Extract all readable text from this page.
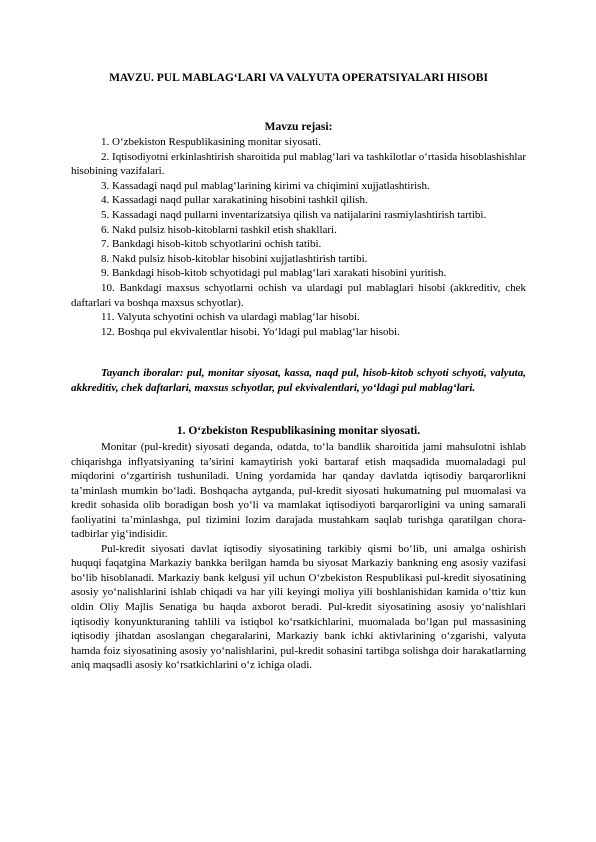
MAVZU. PUL MABLAG‘LARI VA VALYUTA OPERATSIYALARI HISOBI
Mavzu rejasi:

1. O‘zbekiston Respublikasining monitar siyosati.

2. Iqtisodiyotni erkinlashtirish sharoitida pul mablag‘lari va tashkilotlar o‘rtasida hisoblashishlar hisobining vazifalari.

3. Kassadagi naqd pul mablag‘larining kirimi va chiqimini xujjatlashtirish.

4. Kassadagi naqd pullar xarakatining hisobini tashkil qilish.

5. Kassadagi naqd pullarni inventarizatsiya qilish va natijalarini rasmiylashtirish tartibi.

6. Nakd pulsiz hisob-kitoblarni tashkil etish shakllari.

7. Bankdagi hisob-kitob schyotlarini ochish tatibi.

8. Nakd pulsiz hisob-kitoblar hisobini xujjatlashtirish tartibi.

9. Bankdagi hisob-kitob schyotidagi pul mablag‘lari xarakati hisobini yuritish.

10. Bankdagi maxsus schyotlarni ochish va ulardagi pul mablaglari hisobi (akkreditiv, chek daftarlari va boshqa maxsus schyotlar).

11. Valyuta schyotini ochish va ulardagi mablag‘lar hisobi.

12. Boshqa pul ekvivalentlar hisobi. Yo‘ldagi pul mablag‘lar hisobi.

Tayanch iboralar: pul, monitar siyosat, kassa, naqd pul, hisob-kitob schyoti schyoti, valyuta, akkreditiv, chek daftarlari, maxsus schyotlar, pul ekvivalentlari, yo‘ldagi pul mablag‘lari.

1. O‘zbekiston Respublikasining monitar siyosati.

Monitar (pul-kredit) siyosati deganda, odatda, to‘la bandlik sharoitida jami mahsulotni ishlab chiqarishga inflyatsiyaning ta’sirini kamaytirish yoki bartaraf etish maqsadida muomaladagi pul miqdorini o‘zgartirish tushuniladi. Uning yordamida har qanday davlatda iqtisodiy barqarorlikni ta’minlash mumkin bo‘ladi. Boshqacha aytganda, pul-kredit siyosati hukumatning pul muomalasi va kredit sohasida olib boradigan bosh yo‘li va mamlakat iqtisodiyoti barqarorligini va uning samarali faoliyatini ta’minlashga, pul tizimini lozim darajada mustahkam saqlab turishga qaratilgan chora-tadbirlar yig‘indisidir.

Pul-kredit siyosati davlat iqtisodiy siyosatining tarkibiy qismi bo‘lib, uni amalga oshirish huquqi faqatgina Markaziy bankka berilgan hamda bu siyosat Markaziy bankning eng asosiy vazifasi bo‘lib hisoblanadi. Markaziy bank kelgusi yil uchun O‘zbekiston Respublikasi pul-kredit siyosatining asosiy yo‘nalishlarini ishlab chiqadi va har yili keyingi moliya yili boshlanishidan kamida o‘ttiz kun oldin Oliy Majlis Senatiga bu haqda axborot beradi. Pul-kredit siyosatining asosiy yo‘nalishlari iqtisodiy konyunkturaning tahlili va istiqbol ko‘rsatkichlarini, muomalada bo‘lgan pul massasining iqtisodiy jihatdan asoslangan chegaralarini, Markaziy bank ichki aktivlarining o‘zgarishi, valyuta hamda foiz siyosatining asosiy yo‘nalishlarini, pul-kredit sohasini tartibga solishga doir harakatlarning aniq maqsadli asosiy ko‘rsatkichlarini o‘z ichiga oladi.
